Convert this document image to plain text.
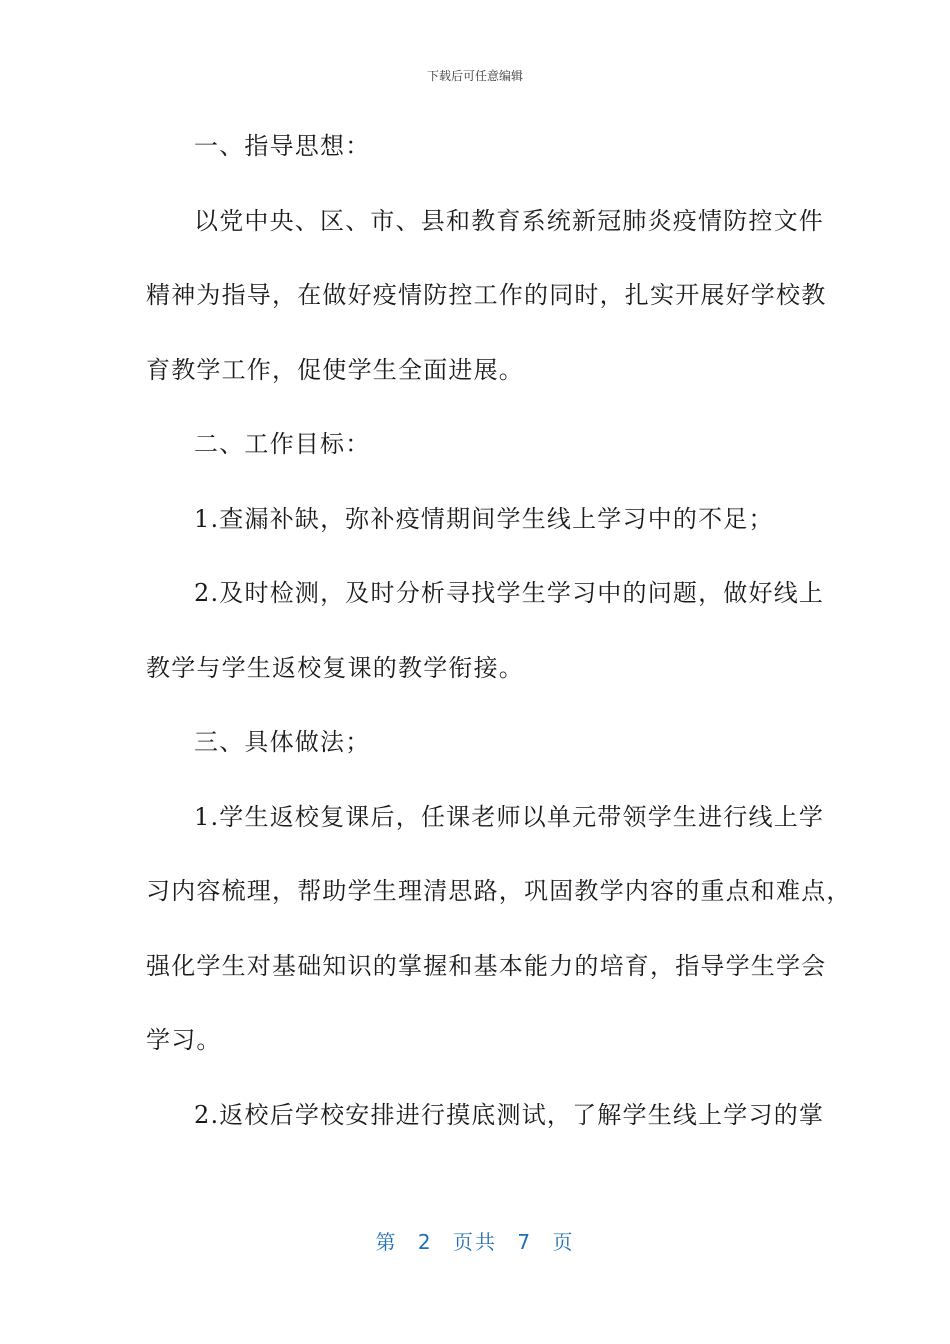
下载后可任意编辑
一、指导思想：
以党中央、区、市、县和教育系统新冠肺炎疫情防控文件
精神为指导，在做好疫情防控工作的同时，扎实开展好学校教
育教学工作，促使学生全面进展。
二、工作目标：
1.查漏补缺，弥补疫情期间学生线上学习中的不足；
2.及时检测，及时分析寻找学生学习中的问题，做好线上
教学与学生返校复课的教学衔接。
三、具体做法；
1.学生返校复课后，任课老师以单元带领学生进行线上学
习内容梳理，帮助学生理清思路，巩固教学内容的重点和难点，
强化学生对基础知识的掌握和基本能力的培育，指导学生学会
学习。
2.返校后学校安排进行摸底测试，了解学生线上学习的掌
第 2 页共 7 页
